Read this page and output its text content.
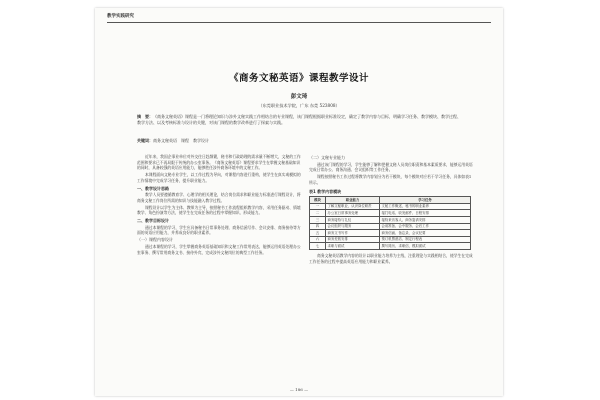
教学实践研究
《商务文秘英语》课程教学设计
彭文琦
（东莞职业技术学院，广东 东莞 523808）
摘　要：《商务文秘英语》课程是一门将理论知识与涉外文秘实践工作相结合的专业课程，该门课程根据职业标准设定，确定了教学内容与目标，明确学习任务、教学模块、教学过程、教学方法、以及考核标准与设计的关键，对该门课程的教学改革进行了探索与实践。
关键词：商务文秘英语　课程　教学设计

近年来，我国企事业单位对外交往日趋频繁，秘书和行政助理的需求量不断增大，文秘的工作范围和要求已不再局限于传统的办公室事务。《商务文秘英语》课程要求学生在掌握文秘基础知识的同时，具备较强的英语应用能力，能够胜任涉外商务环境中的文秘工作。

本课程面向文秘专业学生，以工作过程为导向，对课程内容进行重构，使学生在真实或模拟的工作情境中完成学习任务，提升职业能力。

一、教学设计思路

教学人员要遵循教育学、心理学的相关理论，结合岗位需求和职业能力标准进行课程设计，将商务文秘工作岗位所需的知识与技能融入教学过程。

课程设计以学生为主体、教师为主导，按照秘书工作流程组织教学内容，采用任务驱动、情境教学、角色扮演等方法，使学生在完成任务的过程中掌握知识、形成能力。

二、教学目标设计

通过本课程的学习，学生应具备秘书日常事务处理、商务信函写作、会议安排、商务接待等方面的英语应用能力，并养成良好的职业素养。

（一）课程内容设计

通过本课程的学习，学生掌握商务英语基础知识和文秘工作常用表达，能够运用英语处理办公室事务、撰写常用商务文书、接待外宾，完成涉外文秘岗位的典型工作任务。

（二）文秘专业能力

通过该门课程的学习，学生能够了解和把握文秘人员岗位职责和基本素质要求，能够运用英语完成日常办公、商务沟通、会议组织等工作任务。

课程按照秘书工作过程将教学内容划分为若干模块，每个模块对应若干学习任务，具体如表1所示。

表1 教学内容模块
模块	职业能力	学习任务
一	了解文秘职业，认识岗位职责	文秘工作概述，秘书的职业素养
二	办公室日常事务处理	接打电话、收发邮件、日程安排
三	商务接待与礼仪	接待来访客人、商务宴请安排
四	会议组织与服务	会前准备、会中服务、会后工作
五	商务文书写作	商务信函、备忘录、会议纪要
六	商务差旅安排	预订机票酒店、制定行程表
七	求职与面试	撰写简历、求职信、模拟面试

商务文秘英语教学内容的设计以职业能力培养为主线，注重理论与实践相结合，使学生在完成工作任务的过程中提高英语应用能力和职业素养。

— 186 —
